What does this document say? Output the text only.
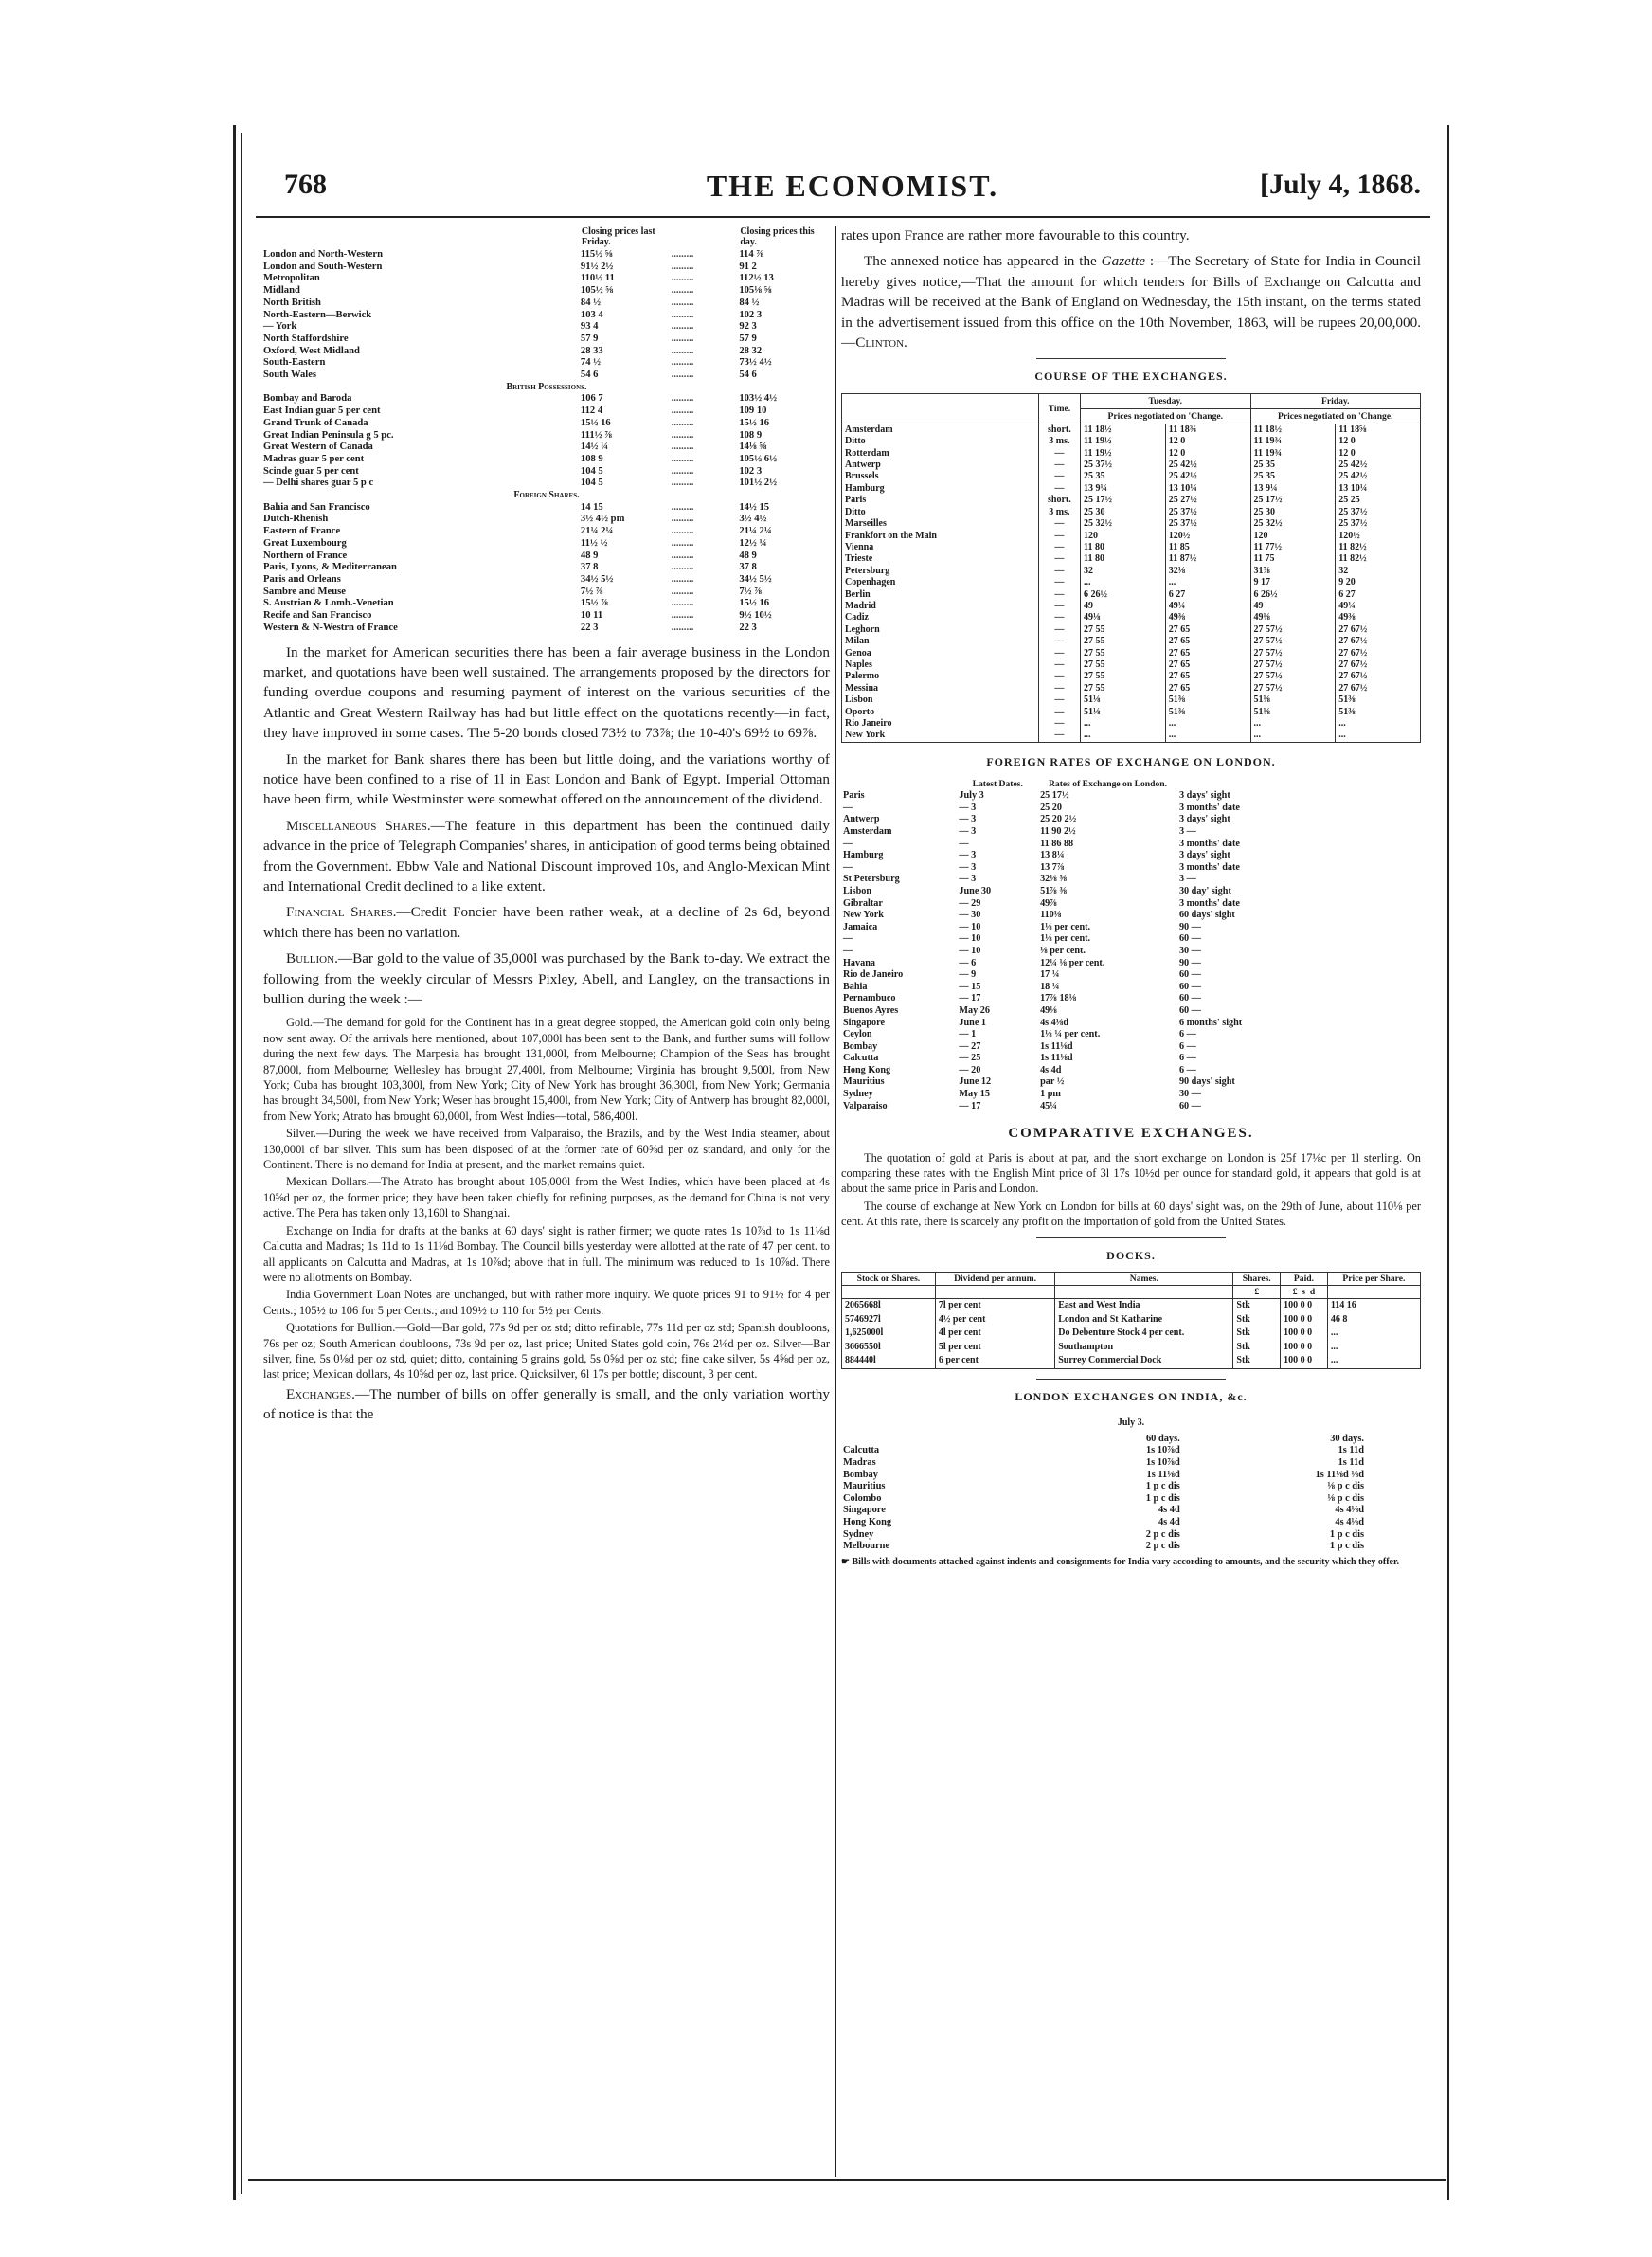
768	THE ECONOMIST.	[July 4, 1868.
	Closing prices last Friday.		Closing prices this day.
London and North-Western	115½ ⅝	.........	114 ⅞
London and South-Western	91½ 2½	.........	91 2
Metropolitan	110½ 11	.........	112½ 13
Midland	105½ ⅝	.........	105⅛ ⅝
North British	84 ½	.........	84 ½
North-Eastern—Berwick	103 4	.........	102 3
— York	93 4	.........	92 3
North Staffordshire	57 9	.........	57 9
Oxford, West Midland	28 33	.........	28 32
South-Eastern	74 ½	.........	73½ 4½
South Wales	54 6	.........	54 6
British Possessions.			
Bombay and Baroda	106 7	.........	103½ 4½
East Indian guar 5 per cent	112 4	.........	109 10
Grand Trunk of Canada	15½ 16	.........	15½ 16
Great Indian Peninsula g 5 pc.	111½ ⅞	.........	108 9
Great Western of Canada	14½ ¼	.........	14⅛ ⅝
Madras guar 5 per cent	108 9	.........	105½ 6½
Scinde guar 5 per cent	104 5	.........	102 3
— Delhi shares guar 5 p c	104 5	.........	101½ 2½
Foreign Shares.			
Bahia and San Francisco	14 15	.........	14½ 15
Dutch-Rhenish	3½ 4½ pm	.........	3½ 4½
Eastern of France	21¼ 2¼	.........	21¼ 2¼
Great Luxembourg	11½ ½	.........	12½ ¼
Northern of France	48 9	.........	48 9
Paris, Lyons, & Mediterranean	37 8	.........	37 8
Paris and Orleans	34½ 5½	.........	34½ 5½
Sambre and Meuse	7½ ⅞	.........	7½ ⅞
S. Austrian & Lomb.-Venetian	15½ ⅞	.........	15½ 16
Recife and San Francisco	10 11	.........	9½ 10½
Western & N-Westrn of France	22 3	.........	22 3

In the market for American securities there has been a fair average business in the London market, and quotations have been well sustained. The arrangements proposed by the directors for funding overdue coupons and resuming payment of interest on the various securities of the Atlantic and Great Western Railway has had but little effect on the quotations recently—in fact, they have improved in some cases. The 5-20 bonds closed 73½ to 73⅞; the 10-40's 69½ to 69⅞.

In the market for Bank shares there has been but little doing, and the variations worthy of notice have been confined to a rise of 1l in East London and Bank of Egypt. Imperial Ottoman have been firm, while Westminster were somewhat offered on the announcement of the dividend.

Miscellaneous Shares.—The feature in this department has been the continued daily advance in the price of Telegraph Companies' shares, in anticipation of good terms being obtained from the Government. Ebbw Vale and National Discount improved 10s, and Anglo-Mexican Mint and International Credit declined to a like extent.

Financial Shares.—Credit Foncier have been rather weak, at a decline of 2s 6d, beyond which there has been no variation.

Bullion.—Bar gold to the value of 35,000l was purchased by the Bank to-day. We extract the following from the weekly circular of Messrs Pixley, Abell, and Langley, on the transactions in bullion during the week :—

Gold.—The demand for gold for the Continent has in a great degree stopped, the American gold coin only being now sent away. Of the arrivals here mentioned, about 107,000l has been sent to the Bank, and further sums will follow during the next few days. The Marpesia has brought 131,000l, from Melbourne; Champion of the Seas has brought 87,000l, from Melbourne; Wellesley has brought 27,400l, from Melbourne; Virginia has brought 9,500l, from New York; Cuba has brought 103,300l, from New York; City of New York has brought 36,300l, from New York; Germania has brought 34,500l, from New York; Weser has brought 15,400l, from New York; City of Antwerp has brought 82,000l, from New York; Atrato has brought 60,000l, from West Indies—total, 586,400l.

Silver.—During the week we have received from Valparaiso, the Brazils, and by the West India steamer, about 130,000l of bar silver. This sum has been disposed of at the former rate of 60⅝d per oz standard, and only for the Continent. There is no demand for India at present, and the market remains quiet.

Mexican Dollars.—The Atrato has brought about 105,000l from the West Indies, which have been placed at 4s 10⅝d per oz, the former price; they have been taken chiefly for refining purposes, as the demand for China is not very active. The Pera has taken only 13,160l to Shanghai.

Exchange on India for drafts at the banks at 60 days' sight is rather firmer; we quote rates 1s 10⅞d to 1s 11⅛d Calcutta and Madras; 1s 11d to 1s 11⅛d Bombay. The Council bills yesterday were allotted at the rate of 47 per cent. to all applicants on Calcutta and Madras, at 1s 10⅞d; above that in full. The minimum was reduced to 1s 10⅞d. There were no allotments on Bombay.

India Government Loan Notes are unchanged, but with rather more inquiry. We quote prices 91 to 91½ for 4 per Cents.; 105½ to 106 for 5 per Cents.; and 109½ to 110 for 5½ per Cents.

Quotations for Bullion.—Gold—Bar gold, 77s 9d per oz std; ditto refinable, 77s 11d per oz std; Spanish doubloons, 76s per oz; South American doubloons, 73s 9d per oz, last price; United States gold coin, 76s 2⅛d per oz. Silver—Bar silver, fine, 5s 0⅛d per oz std, quiet; ditto, containing 5 grains gold, 5s 0⅝d per oz std; fine cake silver, 5s 4⅝d per oz, last price; Mexican dollars, 4s 10⅝d per oz, last price. Quicksilver, 6l 17s per bottle; discount, 3 per cent.

Exchanges.—The number of bills on offer generally is small, and the only variation worthy of notice is that the

rates upon France are rather more favourable to this country.

The annexed notice has appeared in the Gazette :—The Secretary of State for India in Council hereby gives notice,—That the amount for which tenders for Bills of Exchange on Calcutta and Madras will be received at the Bank of England on Wednesday, the 15th instant, on the terms stated in the advertisement issued from this office on the 10th November, 1863, will be rupees 20,00,000.—Clinton.

COURSE OF THE EXCHANGES.
	Time.	Tuesday.		Friday.	
		Prices negotiated on 'Change.		Prices negotiated on 'Change.	
Amsterdam	short.	11 18½	11 18¾	11 18½	11 18⅝
Ditto	3 ms.	11 19½	12 0	11 19¾	12 0
Rotterdam	—	11 19½	12 0	11 19¾	12 0
Antwerp	—	25 37½	25 42½	25 35	25 42½
Brussels	—	25 35	25 42½	25 35	25 42½
Hamburg	—	13 9¼	13 10¼	13 9¼	13 10¼
Paris	short.	25 17½	25 27½	25 17½	25 25
Ditto	3 ms.	25 30	25 37½	25 30	25 37½
Marseilles	—	25 32½	25 37½	25 32½	25 37½
Frankfort on the Main	—	120	120½	120	120½
Vienna	—	11 80	11 85	11 77½	11 82½
Trieste	—	11 80	11 87½	11 75	11 82½
Petersburg	—	32	32⅛	31⅞	32
Copenhagen	—	...	...	9 17	9 20
Berlin	—	6 26½	6 27	6 26½	6 27
Madrid	—	49	49¼	49	49¼
Cadiz	—	49⅛	49⅜	49⅛	49⅜
Leghorn	—	27 55	27 65	27 57½	27 67½
Milan	—	27 55	27 65	27 57½	27 67½
Genoa	—	27 55	27 65	27 57½	27 67½
Naples	—	27 55	27 65	27 57½	27 67½
Palermo	—	27 55	27 65	27 57½	27 67½
Messina	—	27 55	27 65	27 57½	27 67½
Lisbon	—	51⅛	51⅜	51⅛	51⅜
Oporto	—	51⅛	51⅜	51⅛	51⅜
Rio Janeiro	—	...	...	...	...
New York	—	...	...	...	...
FOREIGN RATES OF EXCHANGE ON LONDON.
	Latest Dates.	Rates of Exchange on London.	
Paris	July 3	25 17½	3 days' sight
—	— 3	25 20	3 months' date
Antwerp	— 3	25 20 2½	3 days' sight
Amsterdam	— 3	11 90 2½	3 —
—	—	11 86 88	3 months' date
Hamburg	— 3	13 8¼	3 days' sight
—	— 3	13 7⅞	3 months' date
St Petersburg	— 3	32⅛ ⅜	3 —
Lisbon	June 30	51⅞ ⅜	30 day' sight
Gibraltar	— 29	49⅞	3 months' date
New York	— 30	110⅛	60 days' sight
Jamaica	— 10	1⅛ per cent.	90 —
—	— 10	1⅛ per cent.	60 —
—	— 10	⅛ per cent.	30 —
Havana	— 6	12¼ ⅛ per cent.	90 —
Rio de Janeiro	— 9	17 ¼	60 —
Bahia	— 15	18 ¼	60 —
Pernambuco	— 17	17⅞ 18⅛	60 —
Buenos Ayres	May 26	49⅛	60 —
Singapore	June 1	4s 4⅛d	6 months' sight
Ceylon	— 1	1⅛ ¼ per cent.	6 —
Bombay	— 27	1s 11⅛d	6 —
Calcutta	— 25	1s 11⅛d	6 —
Hong Kong	— 20	4s 4d	6 —
Mauritius	June 12	par ½	90 days' sight
Sydney	May 15	1 pm	30 —
Valparaiso	— 17	45¼	60 —
COMPARATIVE EXCHANGES.

The quotation of gold at Paris is about at par, and the short exchange on London is 25f 17⅛c per 1l sterling. On comparing these rates with the English Mint price of 3l 17s 10½d per ounce for standard gold, it appears that gold is at about the same price in Paris and London.

The course of exchange at New York on London for bills at 60 days' sight was, on the 29th of June, about 110⅛ per cent. At this rate, there is scarcely any profit on the importation of gold from the United States.

DOCKS.
Stock or Shares.	Dividend per annum.	Names.	Shares.	Paid.	Price per Share.
			£	£ s d	
2065668l	7l per cent	East and West India	Stk	100 0 0	114 16
5746927l	4½ per cent	London and St Katharine	Stk	100 0 0	46 8
1,625000l	4l per cent	Do Debenture Stock 4 per cent.	Stk	100 0 0	...
3666550l	5l per cent	Southampton	Stk	100 0 0	...
884440l	6 per cent	Surrey Commercial Dock	Stk	100 0 0	...
LONDON EXCHANGES ON INDIA, &c.
July 3.
	60 days.	30 days.
Calcutta	1s 10⅞d	1s 11d
Madras	1s 10⅞d	1s 11d
Bombay	1s 11⅛d	1s 11⅛d ⅛d
Mauritius	1 p c dis	⅛ p c dis
Colombo	1 p c dis	⅛ p c dis
Singapore	4s 4d	4s 4⅛d
Hong Kong	4s 4d	4s 4⅛d
Sydney	2 p c dis	1 p c dis
Melbourne	2 p c dis	1 p c dis
☛ Bills with documents attached against indents and consignments for India vary according to amounts, and the security which they offer.
